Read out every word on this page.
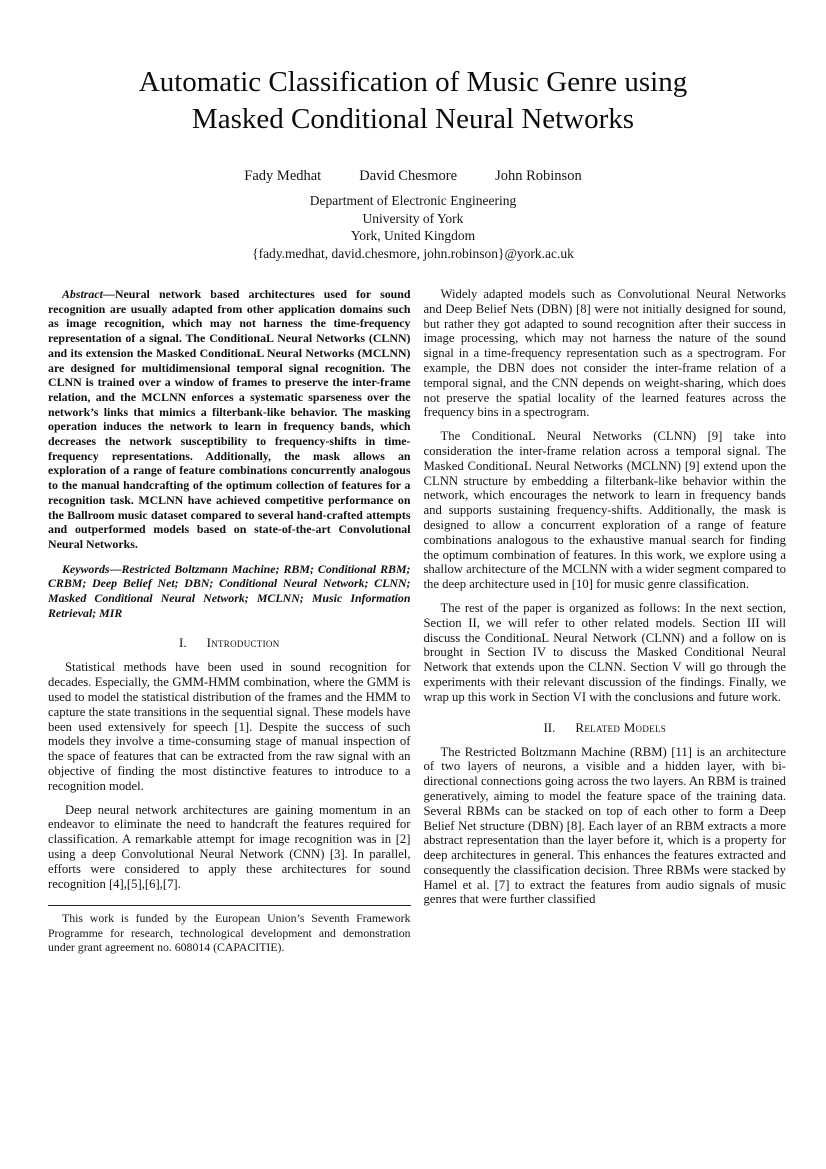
Automatic Classification of Music Genre using
Masked Conditional Neural Networks
Fady Medhat	David Chesmore	John Robinson
Department of Electronic Engineering
University of York
York, United Kingdom
{fady.medhat, david.chesmore, john.robinson}@york.ac.uk

Abstract—Neural network based architectures used for sound recognition are usually adapted from other application domains such as image recognition, which may not harness the time-frequency representation of a signal. The ConditionaL Neural Networks (CLNN) and its extension the Masked ConditionaL Neural Networks (MCLNN) are designed for multidimensional temporal signal recognition. The CLNN is trained over a window of frames to preserve the inter-frame relation, and the MCLNN enforces a systematic sparseness over the network’s links that mimics a filterbank-like behavior. The masking operation induces the network to learn in frequency bands, which decreases the network susceptibility to frequency-shifts in time-frequency representations. Additionally, the mask allows an exploration of a range of feature combinations concurrently analogous to the manual handcrafting of the optimum collection of features for a recognition task. MCLNN have achieved competitive performance on the Ballroom music dataset compared to several hand-crafted attempts and outperformed models based on state-of-the-art Convolutional Neural Networks.

Keywords—Restricted Boltzmann Machine; RBM; Conditional RBM; CRBM; Deep Belief Net; DBN; Conditional Neural Network; CLNN; Masked Conditional Neural Network; MCLNN; Music Information Retrieval; MIR

I. Introduction

Statistical methods have been used in sound recognition for decades. Especially, the GMM-HMM combination, where the GMM is used to model the statistical distribution of the frames and the HMM to capture the state transitions in the sequential signal. These models have been used extensively for speech [1]. Despite the success of such models they involve a time-consuming stage of manual inspection of the space of features that can be extracted from the raw signal with an objective of finding the most distinctive features to introduce to a recognition model.

Deep neural network architectures are gaining momentum in an endeavor to eliminate the need to handcraft the features required for classification. A remarkable attempt for image recognition was in [2] using a deep Convolutional Neural Network (CNN) [3]. In parallel, efforts were considered to apply these architectures for sound recognition [4],[5],[6],[7].

This work is funded by the European Union’s Seventh Framework Programme for research, technological development and demonstration under grant agreement no. 608014 (CAPACITIE).

Widely adapted models such as Convolutional Neural Networks and Deep Belief Nets (DBN) [8] were not initially designed for sound, but rather they got adapted to sound recognition after their success in image processing, which may not harness the nature of the sound signal in a time-frequency representation such as a spectrogram. For example, the DBN does not consider the inter-frame relation of a temporal signal, and the CNN depends on weight-sharing, which does not preserve the spatial locality of the learned features across the frequency bins in a spectrogram.

The ConditionaL Neural Networks (CLNN) [9] take into consideration the inter-frame relation across a temporal signal. The Masked ConditionaL Neural Networks (MCLNN) [9] extend upon the CLNN structure by embedding a filterbank-like behavior within the network, which encourages the network to learn in frequency bands and supports sustaining frequency-shifts. Additionally, the mask is designed to allow a concurrent exploration of a range of feature combinations analogous to the exhaustive manual search for finding the optimum combination of features. In this work, we explore using a shallow architecture of the MCLNN with a wider segment compared to the deep architecture used in [10] for music genre classification.

The rest of the paper is organized as follows: In the next section, Section II, we will refer to other related models. Section III will discuss the ConditionaL Neural Network (CLNN) and a follow on is brought in Section IV to discuss the Masked Conditional Neural Network that extends upon the CLNN. Section V will go through the experiments with their relevant discussion of the findings. Finally, we wrap up this work in Section VI with the conclusions and future work.

II. Related Models

The Restricted Boltzmann Machine (RBM) [11] is an architecture of two layers of neurons, a visible and a hidden layer, with bi-directional connections going across the two layers. An RBM is trained generatively, aiming to model the feature space of the training data. Several RBMs can be stacked on top of each other to form a Deep Belief Net structure (DBN) [8]. Each layer of an RBM extracts a more abstract representation than the layer before it, which is a property for deep architectures in general. This enhances the features extracted and consequently the classification decision. Three RBMs were stacked by Hamel et al. [7] to extract the features from audio signals of music genres that were further classified
